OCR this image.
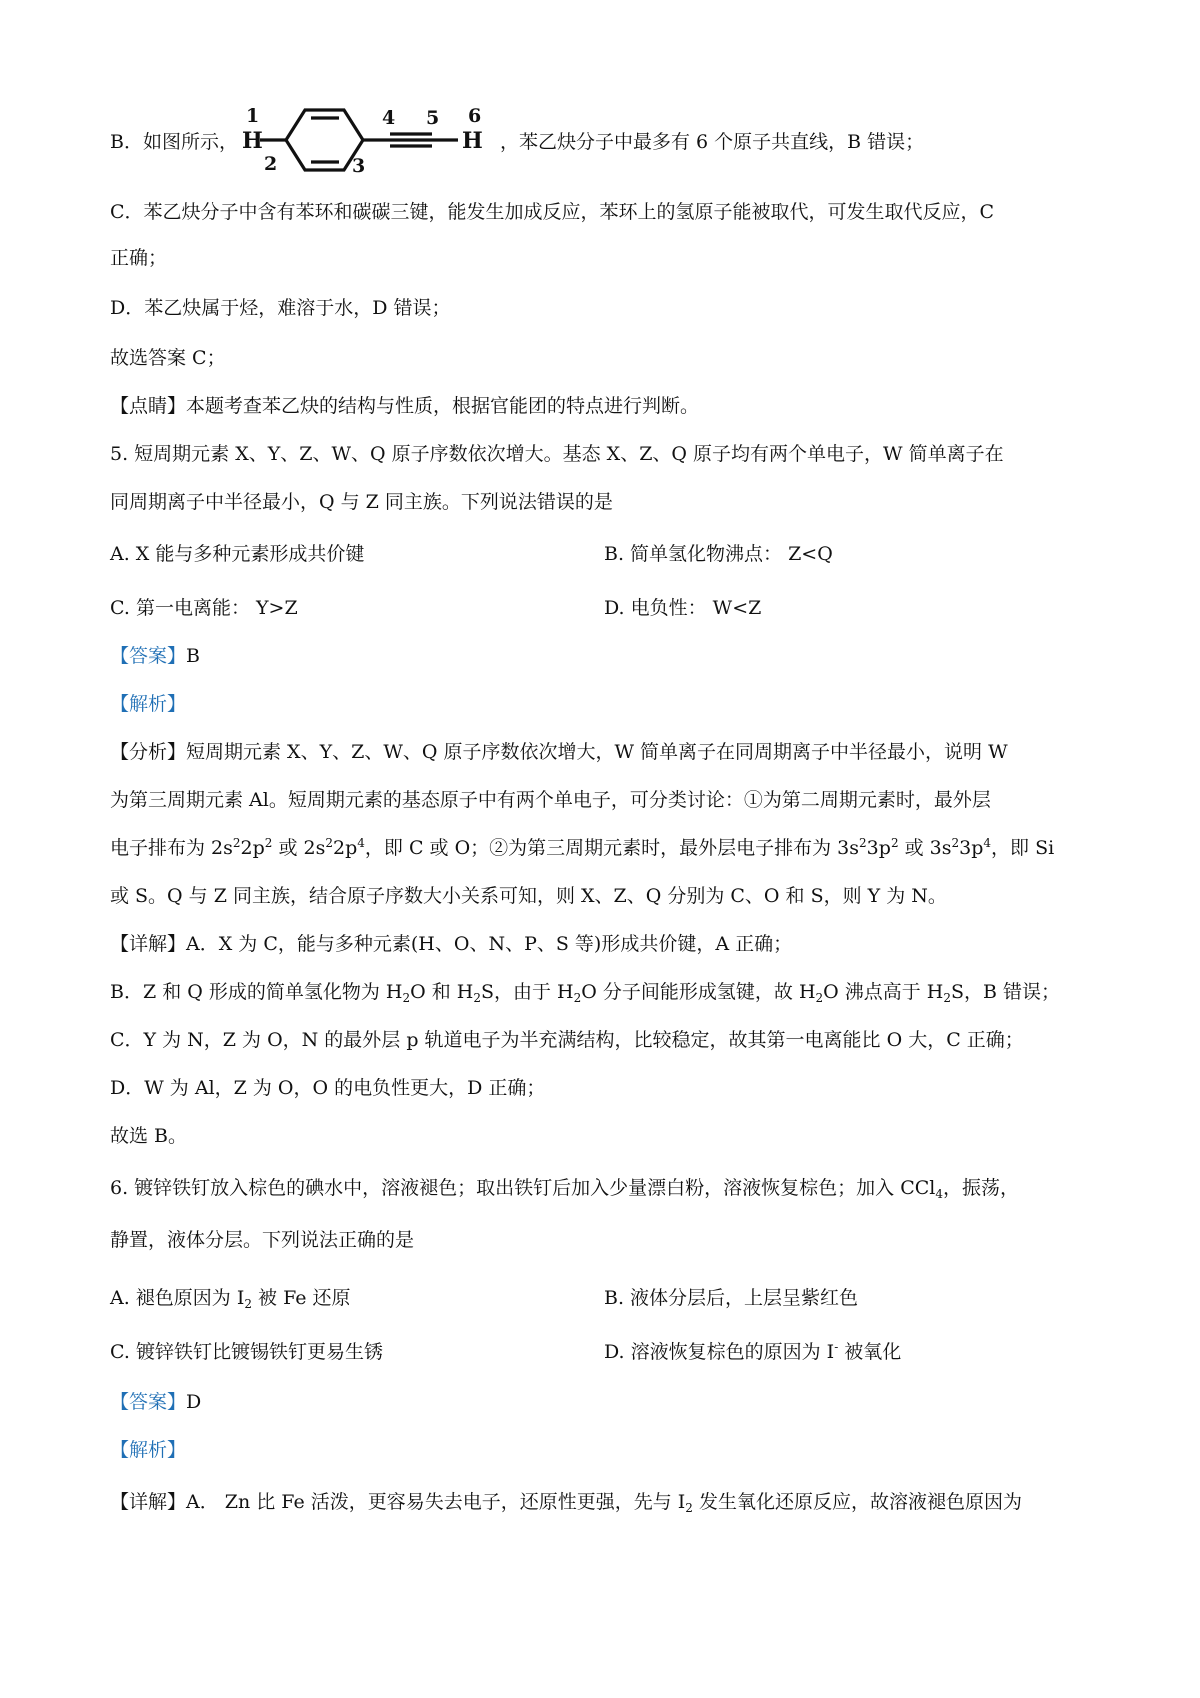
B．如图所示， H
1
2	3
4 5 6
H ，苯乙炔分子中最多有 6 个原子共直线，B 错误；
C．苯乙炔分子中含有苯环和碳碳三键，能发生加成反应，苯环上的氢原子能被取代，可发生取代反应，C
正确；
D．苯乙炔属于烃，难溶于水，D 错误；
故选答案 C；
【点睛】本题考查苯乙炔的结构与性质，根据官能团的特点进行判断。
5. 短周期元素 X、Y、Z、W、Q 原子序数依次增大。基态 X、Z、Q 原子均有两个单电子，W 简单离子在
同周期离子中半径最小，Q 与 Z 同主族。下列说法错误的是
A. X 能与多种元素形成共价键	B. 简单氢化物沸点： Z<Q
C. 第一电离能： Y>Z	D. 电负性： W<Z
【答案】B
【解析】
【分析】短周期元素 X、Y、Z、W、Q 原子序数依次增大，W 简单离子在同周期离子中半径最小，说明 W
为第三周期元素 Al。短周期元素的基态原子中有两个单电子，可分类讨论：①为第二周期元素时，最外层
电子排布为 $2s^22p^2$ 或 $2s^22p^4$，即 C 或 O；②为第三周期元素时，最外层电子排布为 $3s^23p^2$ 或 $3s^23p^4$，即 Si
或 S。Q 与 Z 同主族，结合原子序数大小关系可知，则 X、Z、Q 分别为 C、O 和 S，则 Y 为 N。
【详解】A．X 为 C，能与多种元素(H、O、N、P、S 等)形成共价键，A 正确；
B．Z 和 Q 形成的简单氢化物为 $H_2O$ 和 $H_2S$，由于 $H_2O$ 分子间能形成氢键，故 $H_2O$ 沸点高于 $H_2S$，B 错误；
C．Y 为 N，Z 为 O，N 的最外层 p 轨道电子为半充满结构，比较稳定，故其第一电离能比 O 大，C 正确；
D．W 为 Al，Z 为 O，O 的电负性更大，D 正确；
故选 B。
6. 镀锌铁钉放入棕色的碘水中，溶液褪色；取出铁钉后加入少量漂白粉，溶液恢复棕色；加入 CCl$_4$，振荡，
静置，液体分层。下列说法正确的是
A. 褪色原因为 $I_2$ 被 Fe 还原	B. 液体分层后，上层呈紫红色
C. 镀锌铁钉比镀锡铁钉更易生锈	D. 溶液恢复棕色的原因为 I- 被氧化
【答案】D
【解析】
【详解】A． Zn 比 Fe 活泼，更容易失去电子，还原性更强，先与 $I_2$ 发生氧化还原反应，故溶液褪色原因为
